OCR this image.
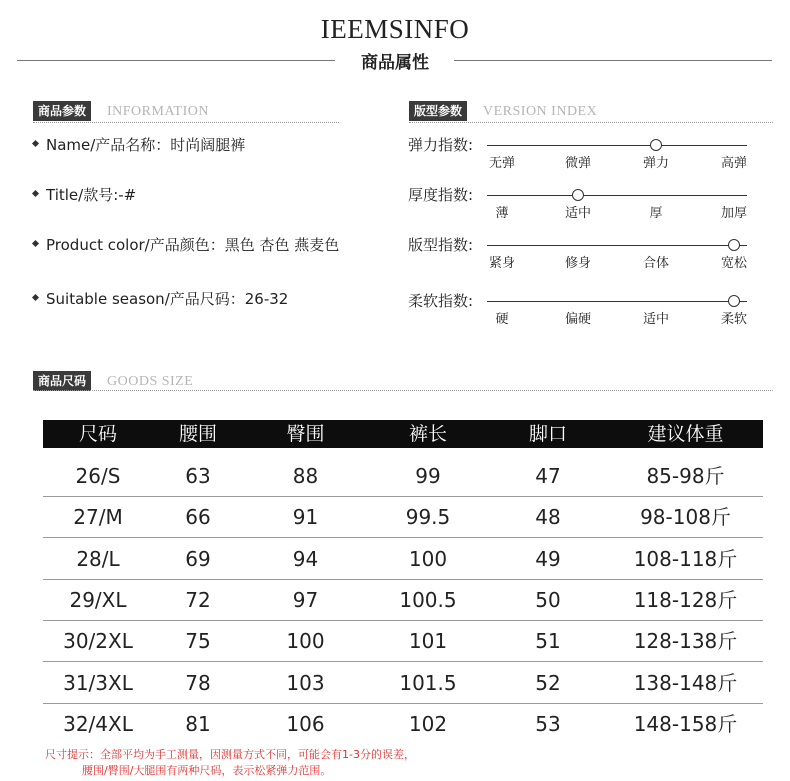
IEEMSINFO
商品属性
商品参数	INFORMATION
Name/产品名称：时尚阔腿裤
Title/款号:-#
Product color/产品颜色：黑色 杏色 燕麦色
Suitable season/产品尺码：26-32
版型参数	VERSION INDEX
弹力指数:
无弹	微弹	弹力	高弹
厚度指数:
薄	适中	厚	加厚
版型指数:
紧身	修身	合体	宽松
柔软指数:
硬	偏硬	适中	柔软
商品尺码	GOODS SIZE
尺码	腰围	臀围	裤长	脚口	建议体重
26/S	63	88	99	47	85-98斤
27/M	66	91	99.5	48	98-108斤
28/L	69	94	100	49	108-118斤
29/XL	72	97	100.5	50	118-128斤
30/2XL	75	100	101	51	128-138斤
31/3XL	78	103	101.5	52	138-148斤
32/4XL	81	106	102	53	148-158斤
尺寸提示：全部平均为手工测量，因测量方式不同，可能会有1-3分的误差，
腰围/臀围/大腿围有两种尺码，表示松紧弹力范围。
